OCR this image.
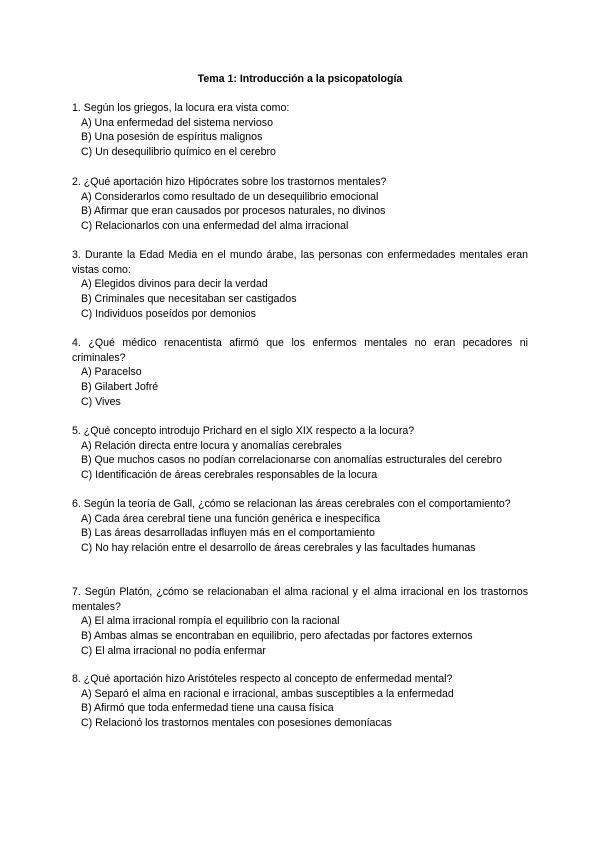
Tema 1: Introducción a la psicopatología
1. Según los griegos, la locura era vista como:
A) Una enfermedad del sistema nervioso
B) Una posesión de espíritus malignos
C) Un desequilibrio químico en el cerebro
2. ¿Qué aportación hizo Hipócrates sobre los trastornos mentales?
A) Considerarlos como resultado de un desequilibrio emocional
B) Afirmar que eran causados por procesos naturales, no divinos
C) Relacionarlos con una enfermedad del alma irracional
3. Durante la Edad Media en el mundo árabe, las personas con enfermedades mentales eran vistas como:
A) Elegidos divinos para decir la verdad
B) Criminales que necesitaban ser castigados
C) Individuos poseídos por demonios
4. ¿Qué médico renacentista afirmó que los enfermos mentales no eran pecadores ni criminales?
A) Paracelso
B) Gilabert Jofré
C) Vives
5. ¿Qué concepto introdujo Prichard en el siglo XIX respecto a la locura?
A) Relación directa entre locura y anomalías cerebrales
B) Que muchos casos no podían correlacionarse con anomalías estructurales del cerebro
C) Identificación de áreas cerebrales responsables de la locura
6. Según la teoría de Gall, ¿cómo se relacionan las áreas cerebrales con el comportamiento?
A) Cada área cerebral tiene una función genérica e inespecífica
B) Las áreas desarrolladas influyen más en el comportamiento
C) No hay relación entre el desarrollo de áreas cerebrales y las facultades humanas
7. Según Platón, ¿cómo se relacionaban el alma racional y el alma irracional en los trastornos mentales?
A) El alma irracional rompía el equilibrio con la racional
B) Ambas almas se encontraban en equilibrio, pero afectadas por factores externos
C) El alma irracional no podía enfermar
8. ¿Qué aportación hizo Aristóteles respecto al concepto de enfermedad mental?
A) Separó el alma en racional e irracional, ambas susceptibles a la enfermedad
B) Afirmó que toda enfermedad tiene una causa física
C) Relacionó los trastornos mentales con posesiones demoníacas
